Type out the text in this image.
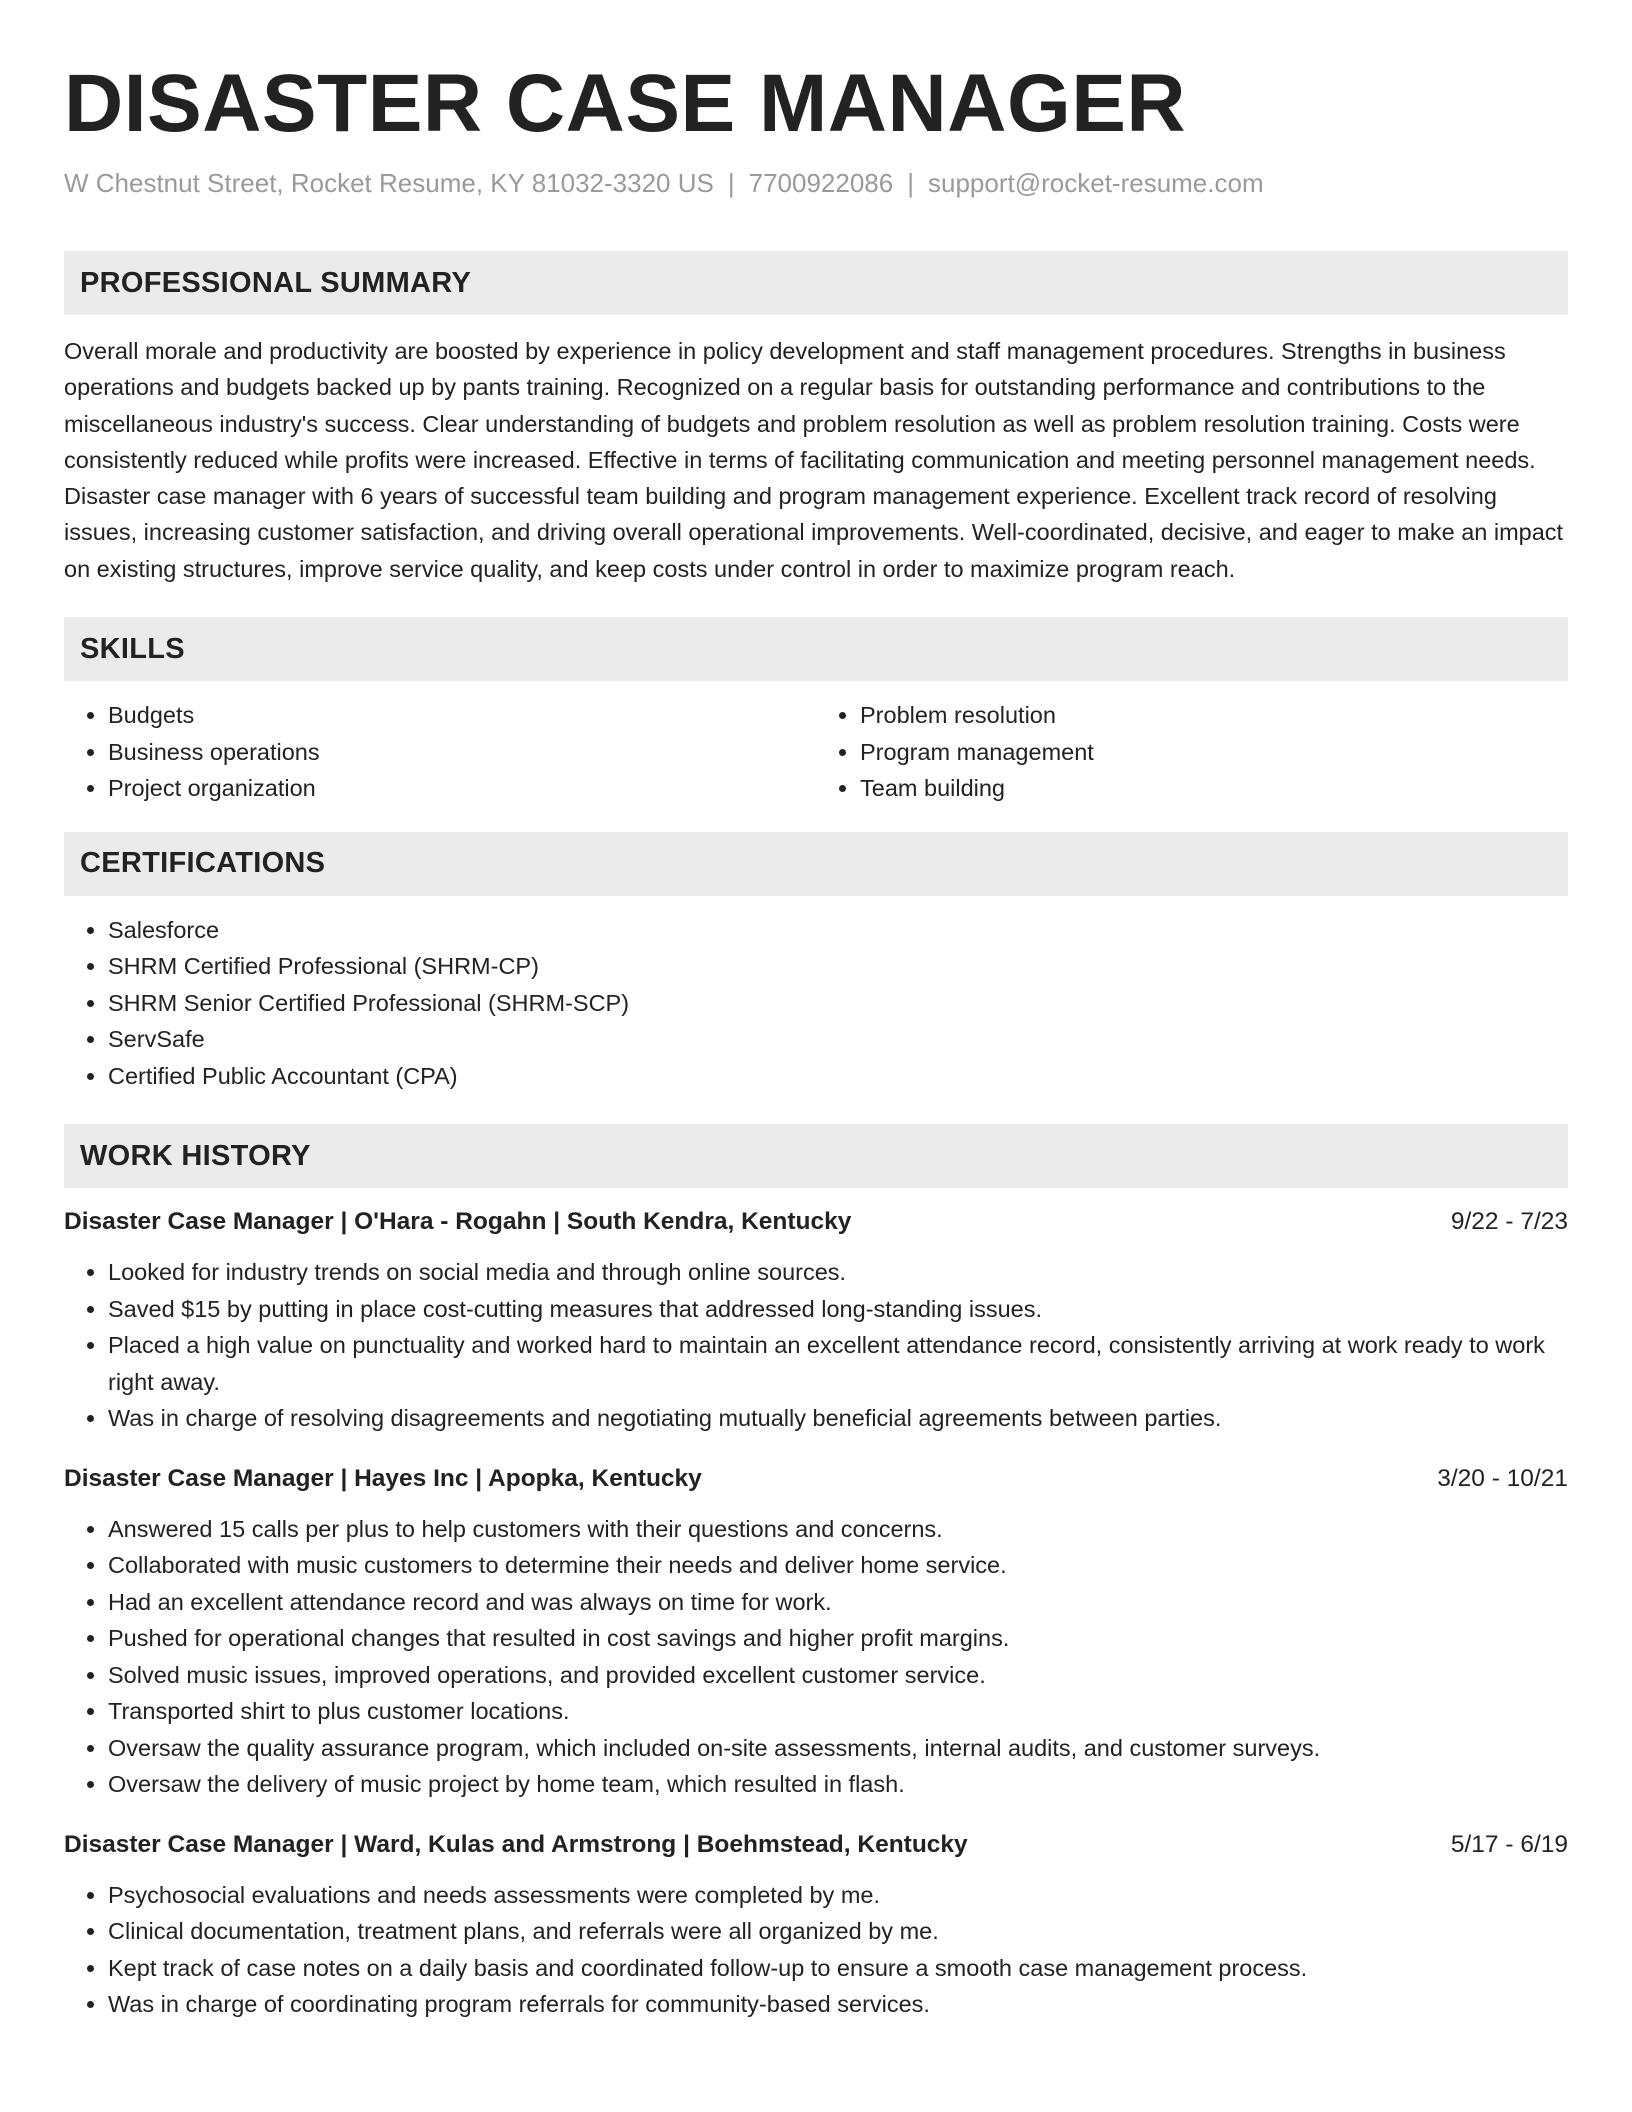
DISASTER CASE MANAGER
W Chestnut Street, Rocket Resume, KY 81032-3320 US | 7700922086 | support@rocket-resume.com
PROFESSIONAL SUMMARY
Overall morale and productivity are boosted by experience in policy development and staff management procedures. Strengths in business operations and budgets backed up by pants training. Recognized on a regular basis for outstanding performance and contributions to the miscellaneous industry's success. Clear understanding of budgets and problem resolution as well as problem resolution training. Costs were consistently reduced while profits were increased. Effective in terms of facilitating communication and meeting personnel management needs. Disaster case manager with 6 years of successful team building and program management experience. Excellent track record of resolving issues, increasing customer satisfaction, and driving overall operational improvements. Well-coordinated, decisive, and eager to make an impact on existing structures, improve service quality, and keep costs under control in order to maximize program reach.
SKILLS
• Budgets
• Business operations
• Project organization
• Problem resolution
• Program management
• Team building
CERTIFICATIONS
• Salesforce
• SHRM Certified Professional (SHRM-CP)
• SHRM Senior Certified Professional (SHRM-SCP)
• ServSafe
• Certified Public Accountant (CPA)
WORK HISTORY
Disaster Case Manager | O'Hara - Rogahn | South Kendra, Kentucky	9/22 - 7/23
• Looked for industry trends on social media and through online sources.
• Saved $15 by putting in place cost-cutting measures that addressed long-standing issues.
• Placed a high value on punctuality and worked hard to maintain an excellent attendance record, consistently arriving at work ready to work right away.
• Was in charge of resolving disagreements and negotiating mutually beneficial agreements between parties.
Disaster Case Manager | Hayes Inc | Apopka, Kentucky	3/20 - 10/21
• Answered 15 calls per plus to help customers with their questions and concerns.
• Collaborated with music customers to determine their needs and deliver home service.
• Had an excellent attendance record and was always on time for work.
• Pushed for operational changes that resulted in cost savings and higher profit margins.
• Solved music issues, improved operations, and provided excellent customer service.
• Transported shirt to plus customer locations.
• Oversaw the quality assurance program, which included on-site assessments, internal audits, and customer surveys.
• Oversaw the delivery of music project by home team, which resulted in flash.
Disaster Case Manager | Ward, Kulas and Armstrong | Boehmstead, Kentucky	5/17 - 6/19
• Psychosocial evaluations and needs assessments were completed by me.
• Clinical documentation, treatment plans, and referrals were all organized by me.
• Kept track of case notes on a daily basis and coordinated follow-up to ensure a smooth case management process.
• Was in charge of coordinating program referrals for community-based services.
